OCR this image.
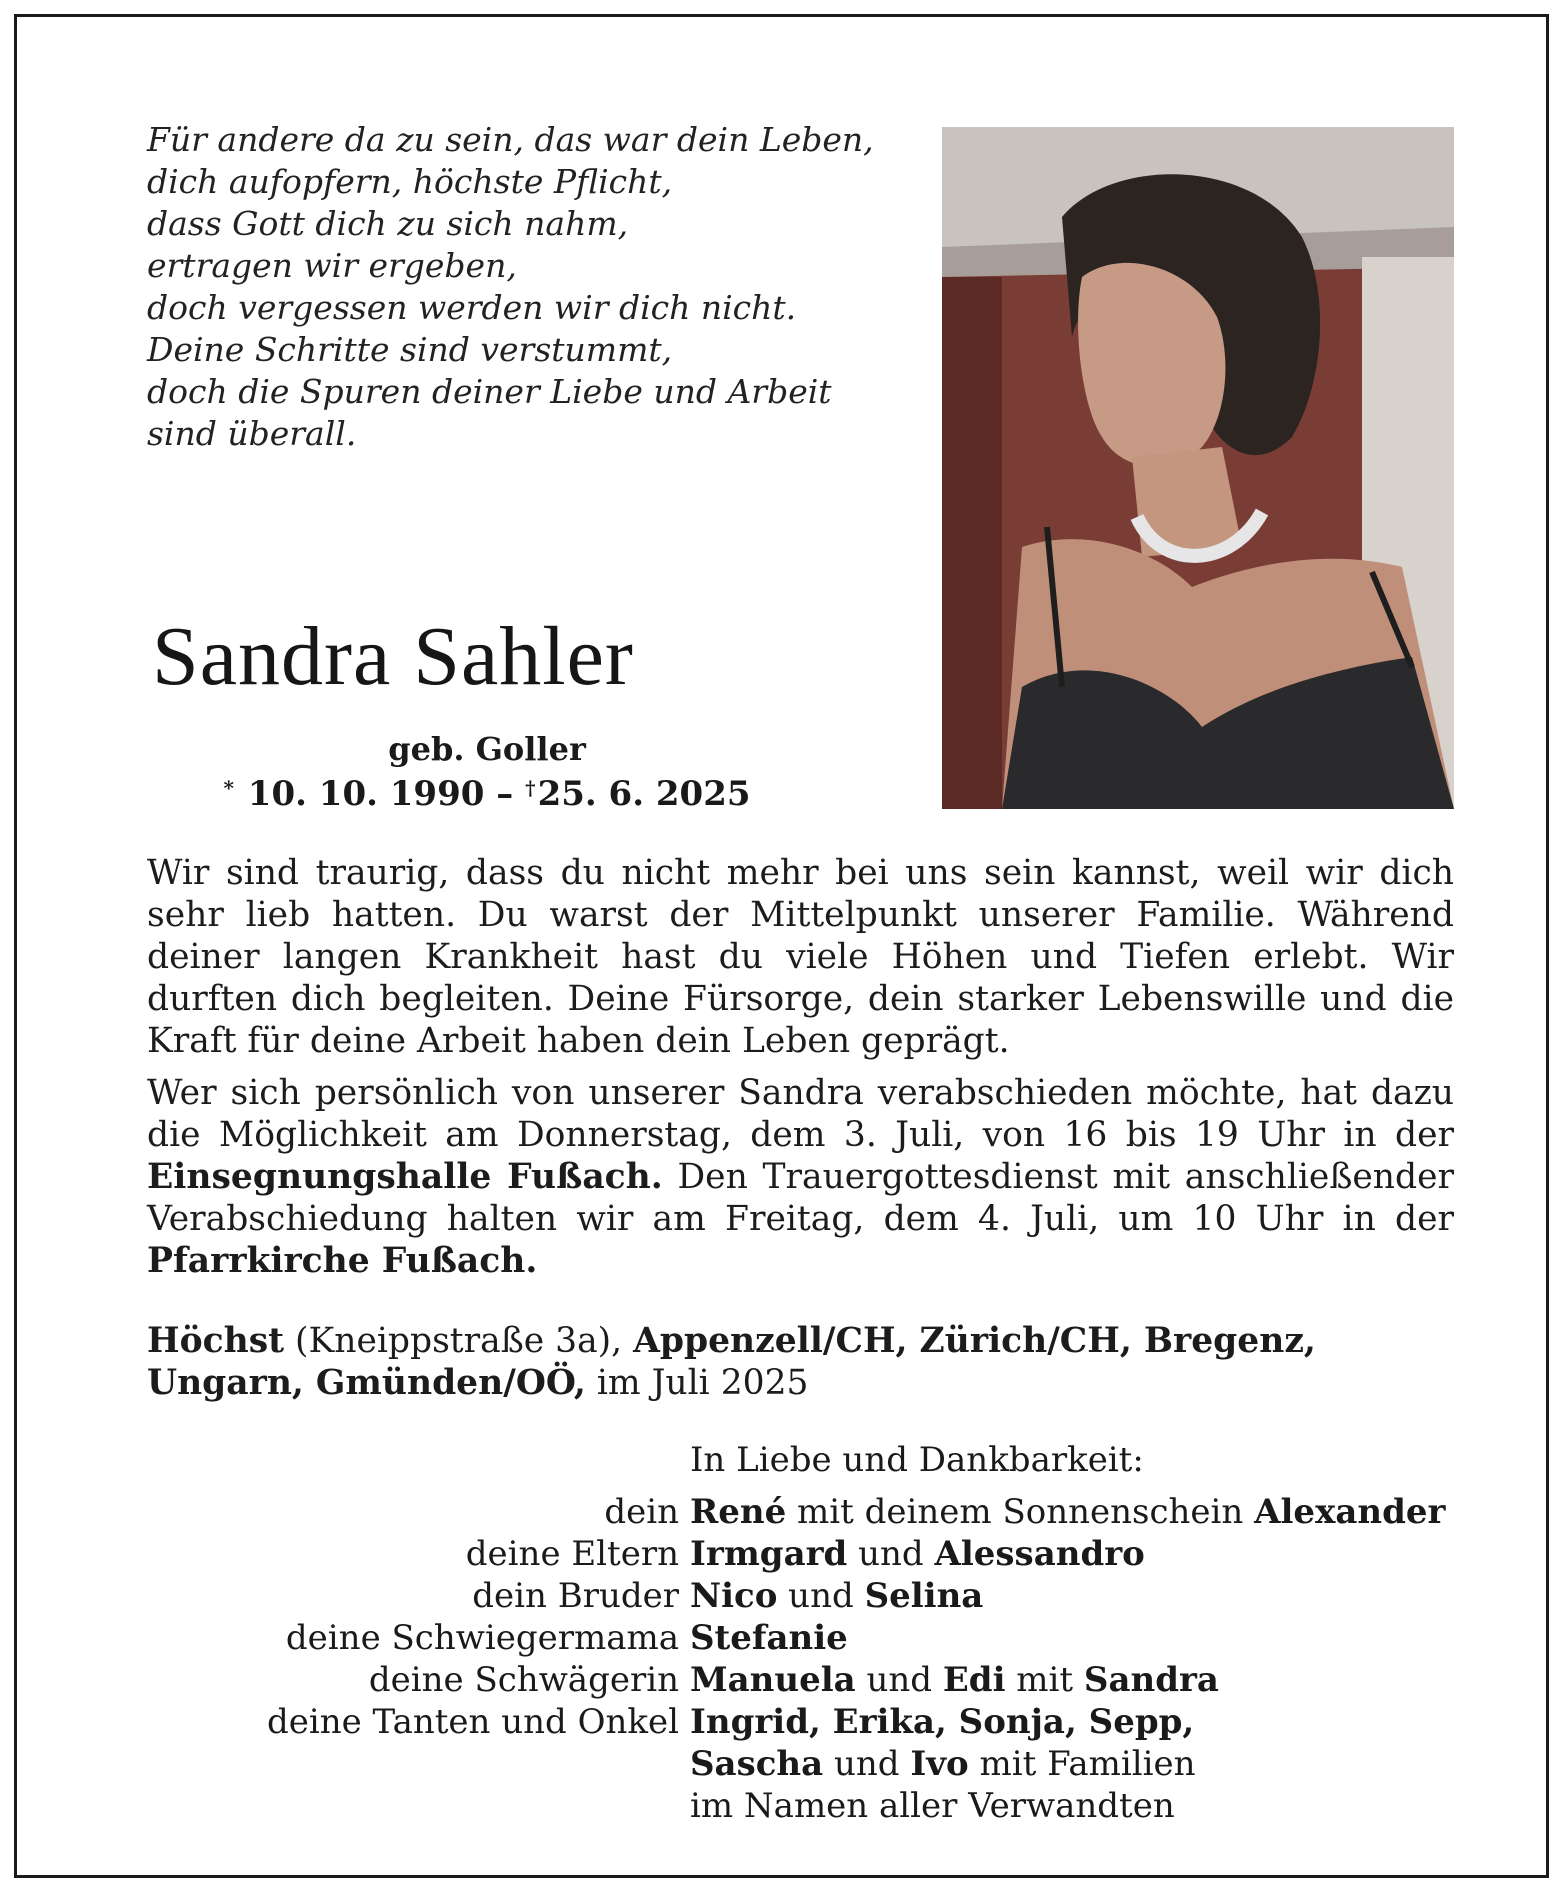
Für andere da zu sein, das war dein Leben,
dich aufopfern, höchste Pflicht,
dass Gott dich zu sich nahm,
ertragen wir ergeben,
doch vergessen werden wir dich nicht.
Deine Schritte sind verstummt,
doch die Spuren deiner Liebe und Arbeit
sind überall.
Sandra Sahler
geb. Goller
* 10. 10. 1990 – †25. 6. 2025
Wir sind traurig, dass du nicht mehr bei uns sein kannst, weil wir dich sehr lieb hatten. Du warst der Mittelpunkt unserer Familie. Während deiner langen Krankheit hast du viele Höhen und Tiefen erlebt. Wir durften dich begleiten. Deine Fürsorge, dein starker Lebenswille und die Kraft für deine Arbeit haben dein Leben geprägt.
Wer sich persönlich von unserer Sandra verabschieden möchte, hat dazu die Möglichkeit am Donnerstag, dem 3. Juli, von 16 bis 19 Uhr in der Einsegnungshalle Fußach. Den Trauergottesdienst mit anschließender Verabschiedung halten wir am Freitag, dem 4. Juli, um 10 Uhr in der Pfarrkirche Fußach.
Höchst (Kneippstraße 3a), Appenzell/CH, Zürich/CH, Bregenz, Ungarn, Gmünden/OÖ, im Juli 2025
In Liebe und Dankbarkeit:
dein René mit deinem Sonnenschein Alexander
deine Eltern Irmgard und Alessandro
dein Bruder Nico und Selina
deine Schwiegermama Stefanie
deine Schwägerin Manuela und Edi mit Sandra
deine Tanten und Onkel Ingrid, Erika, Sonja, Sepp,
Sascha und Ivo mit Familien
im Namen aller Verwandten
